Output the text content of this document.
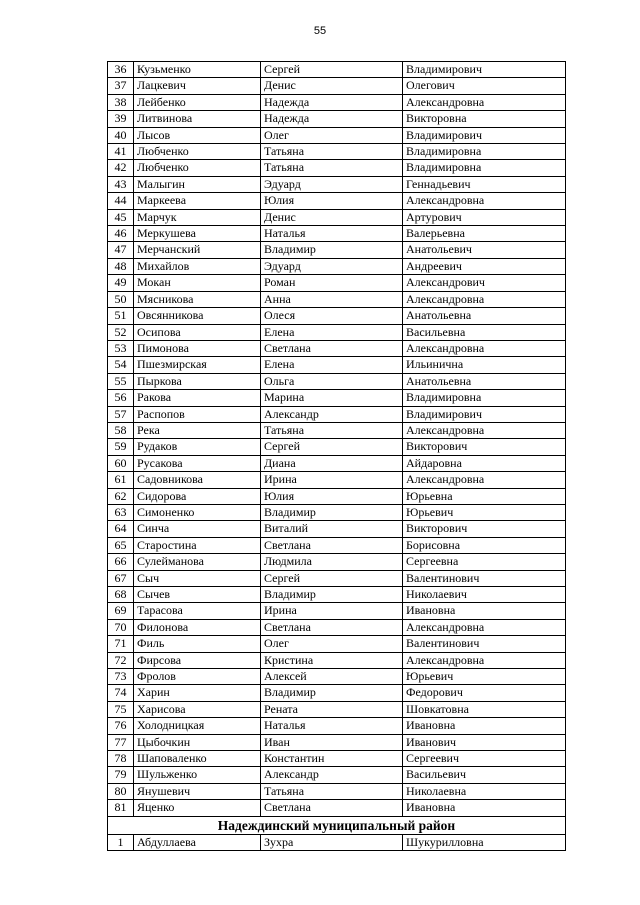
55
36	Кузьменко	Сергей	Владимирович
37	Лацкевич	Денис	Олегович
38	Лейбенко	Надежда	Александровна
39	Литвинова	Надежда	Викторовна
40	Лысов	Олег	Владимирович
41	Любченко	Татьяна	Владимировна
42	Любченко	Татьяна	Владимировна
43	Малыгин	Эдуард	Геннадьевич
44	Маркеева	Юлия	Александровна
45	Марчук	Денис	Артурович
46	Меркушева	Наталья	Валерьевна
47	Мерчанский	Владимир	Анатольевич
48	Михайлов	Эдуард	Андреевич
49	Мокан	Роман	Александрович
50	Мясникова	Анна	Александровна
51	Овсянникова	Олеся	Анатольевна
52	Осипова	Елена	Васильевна
53	Пимонова	Светлана	Александровна
54	Пшезмирская	Елена	Ильинична
55	Пыркова	Ольга	Анатольевна
56	Ракова	Марина	Владимировна
57	Распопов	Александр	Владимирович
58	Река	Татьяна	Александровна
59	Рудаков	Сергей	Викторович
60	Русакова	Диана	Айдаровна
61	Садовникова	Ирина	Александровна
62	Сидорова	Юлия	Юрьевна
63	Симоненко	Владимир	Юрьевич
64	Синча	Виталий	Викторович
65	Старостина	Светлана	Борисовна
66	Сулейманова	Людмила	Сергеевна
67	Сыч	Сергей	Валентинович
68	Сычев	Владимир	Николаевич
69	Тарасова	Ирина	Ивановна
70	Филонова	Светлана	Александровна
71	Филь	Олег	Валентинович
72	Фирсова	Кристина	Александровна
73	Фролов	Алексей	Юрьевич
74	Харин	Владимир	Федорович
75	Харисова	Рената	Шовкатовна
76	Холодницкая	Наталья	Ивановна
77	Цыбочкин	Иван	Иванович
78	Шаповаленко	Константин	Сергеевич
79	Шульженко	Александр	Васильевич
80	Янушевич	Татьяна	Николаевна
81	Яценко	Светлана	Ивановна
Надеждинский муниципальный район			
1	Абдуллаева	Зухра	Шукурилловна
